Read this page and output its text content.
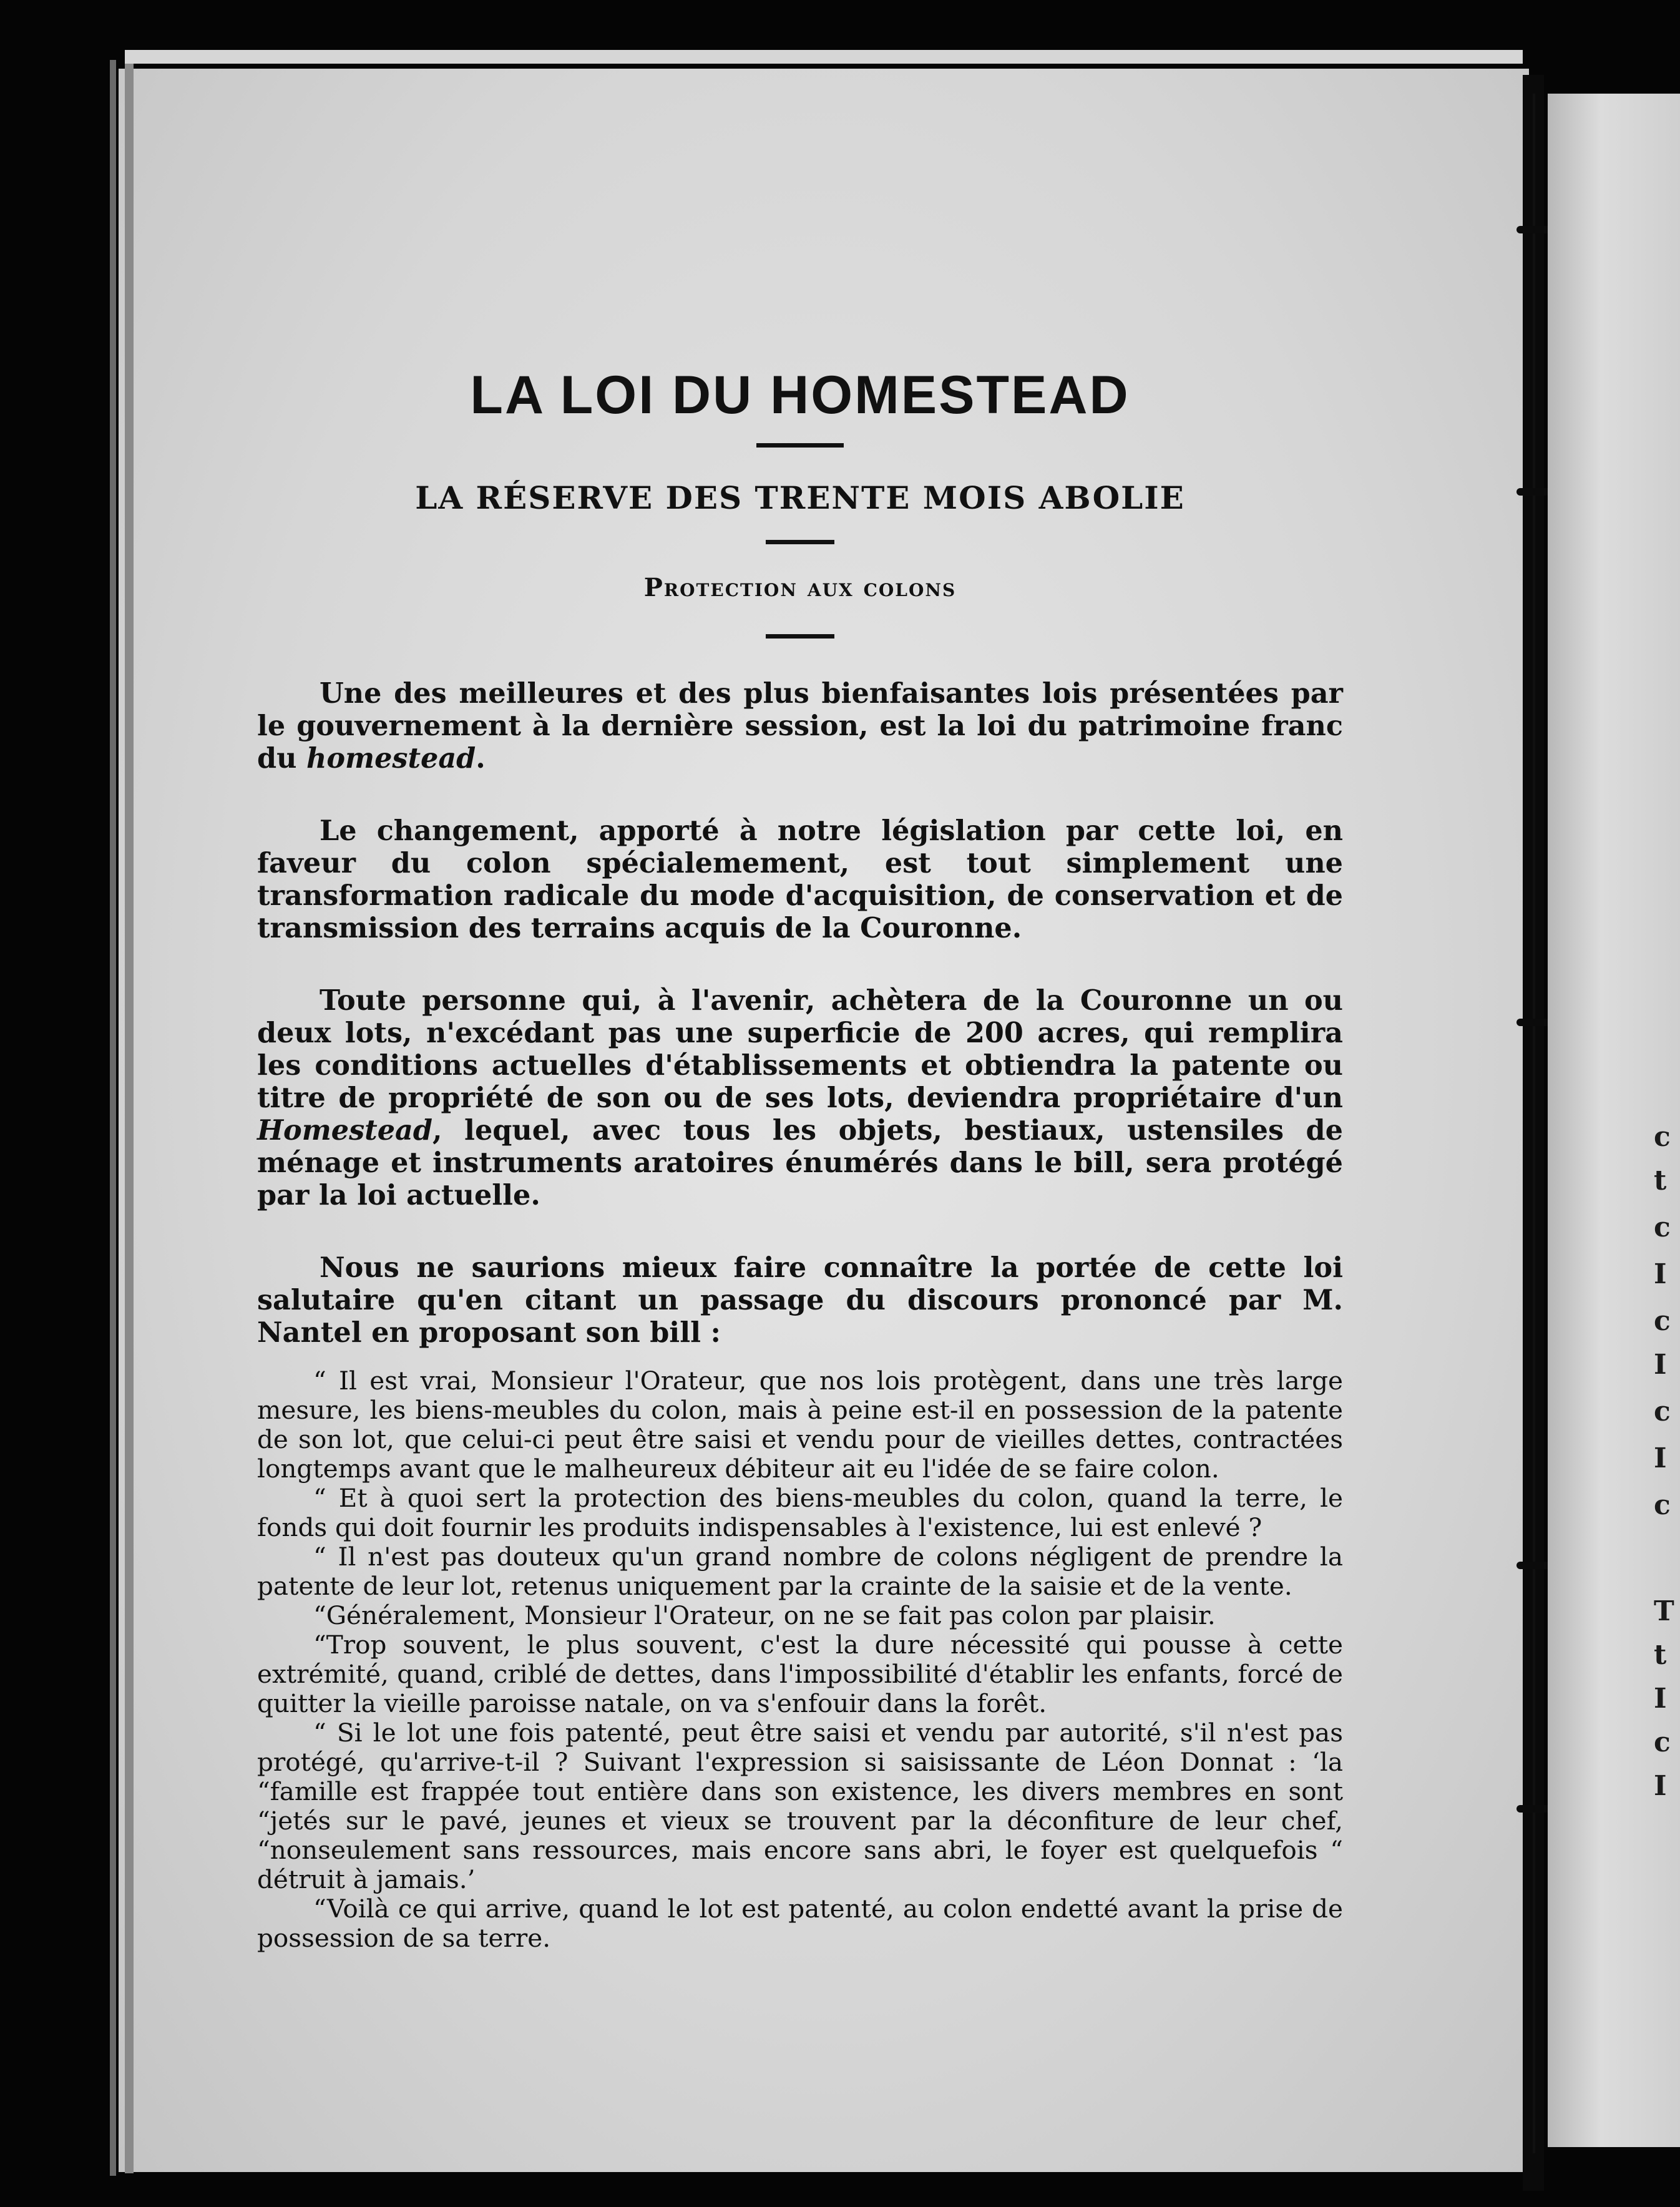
c
t
c
I
c
I
c
I
c
T
t
I
c
I
LA LOI DU HOMESTEAD
LA RÉSERVE DES TRENTE MOIS ABOLIE
Protection aux colons

Une des meilleures et des plus bienfaisantes lois présentées par le gouvernement à la dernière session, est la loi du patrimoine franc du homestead.

Le changement, apporté à notre législation par cette loi, en faveur du colon spécialemement, est tout simplement une transformation radicale du mode d'acquisition, de conservation et de transmission des terrains acquis de la Couronne.

Toute personne qui, à l'avenir, achètera de la Couronne un ou deux lots, n'excédant pas une superficie de 200 acres, qui remplira les conditions actuelles d'établissements et obtiendra la patente ou titre de propriété de son ou de ses lots, deviendra propriétaire d'un Homestead, lequel, avec tous les objets, bestiaux, ustensiles de ménage et instruments aratoires énumérés dans le bill, sera protégé par la loi actuelle.

Nous ne saurions mieux faire connaître la portée de cette loi salutaire qu'en citant un passage du discours prononcé par M. Nantel en proposant son bill :

“ Il est vrai, Monsieur l'Orateur, que nos lois protègent, dans une très large mesure, les biens-meubles du colon, mais à peine est-il en possession de la patente de son lot, que celui-ci peut être saisi et vendu pour de vieilles dettes, contractées longtemps avant que le malheureux débiteur ait eu l'idée de se faire colon.

“ Et à quoi sert la protection des biens-meubles du colon, quand la terre, le fonds qui doit fournir les produits indispensables à l'existence, lui est enlevé ?

“ Il n'est pas douteux qu'un grand nombre de colons négligent de prendre la patente de leur lot, retenus uniquement par la crainte de la saisie et de la vente.

“Généralement, Monsieur l'Orateur, on ne se fait pas colon par plaisir.

“Trop souvent, le plus souvent, c'est la dure nécessité qui pousse à cette extrémité, quand, criblé de dettes, dans l'impossibilité d'établir les enfants, forcé de quitter la vieille paroisse natale, on va s'enfouir dans la forêt.

“ Si le lot une fois patenté, peut être saisi et vendu par autorité, s'il n'est pas protégé, qu'arrive-t-il ? Suivant l'expression si saisissante de Léon Donnat : ‘la “famille est frappée tout entière dans son existence, les divers membres en sont “jetés sur le pavé, jeunes et vieux se trouvent par la déconfiture de leur chef, “nonseulement sans ressources, mais encore sans abri, le foyer est quelquefois “ détruit à jamais.’

“Voilà ce qui arrive, quand le lot est patenté, au colon endetté avant la prise de possession de sa terre.
